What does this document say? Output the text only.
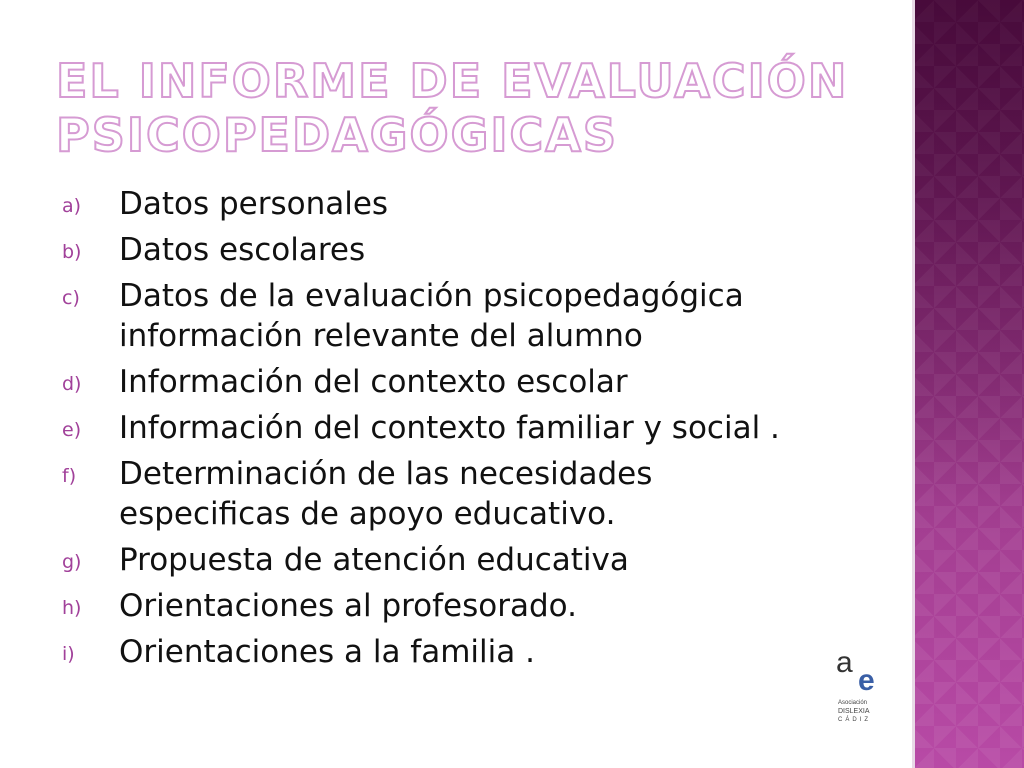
EL INFORME DE EVALUACIÓN
PSICOPEDAGÓGICAS
a) Datos personales
b) Datos escolares
c) Datos de la evaluación psicopedagógica
información relevante del alumno
d) Información del contexto escolar
e) Información del contexto familiar y social .
f) Determinación de las necesidades
especificas de apoyo educativo.
g) Propuesta de atención educativa
h) Orientaciones al profesorado.
i) Orientaciones a la familia .	a
e
Asociación
DISLEXIA
CÁDIZ
